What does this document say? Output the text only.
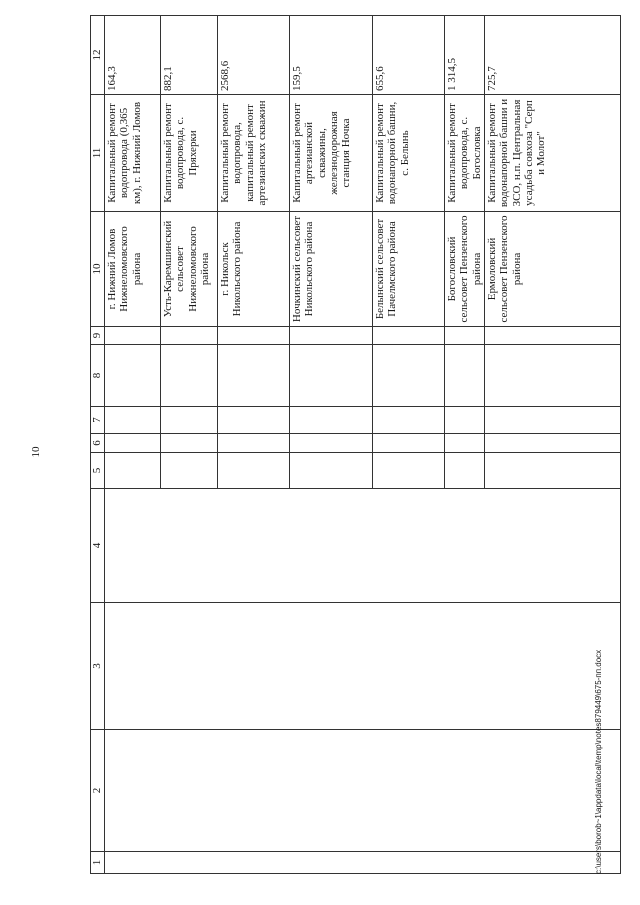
10
1	2	3	4	5	6	7	8	9	10	11	12
									г. Нижний Ломов Нижнеломовского района	Капитальный ремонт водопровода (0,365 км), г. Нижний Ломов	164,3
									Усть-Каремшинский сельсовет Нижнеломовского района	Капитальный ремонт водопровода, с. Пряхерки	882,1
									г. Никольск Никольского района	Капитальный ремонт водопровода, капитальный ремонт артезианских скважин	2568,6
									Ночкинский сельсовет Никольского района	Капитальный ремонт артезианской скважины, железнодорожная станция Ночка	159,5
									Белынский сельсовет Пачелмского района	Капитальный ремонт водонапорной башни, с. Белынь	655,6
									Богословский сельсовет Пензенского района	Капитальный ремонт водопровода, с. Богословка	1 314,5
									Ермоловский сельсовет Пензенского района	Капитальный ремонт водонапорной башни и ЗСО, н.п. Центральная усадьба совхоза "Серп и Молот"	725,7
c:\users\borob~1\appdata\local\temp\notes879449\675-пп.docx
